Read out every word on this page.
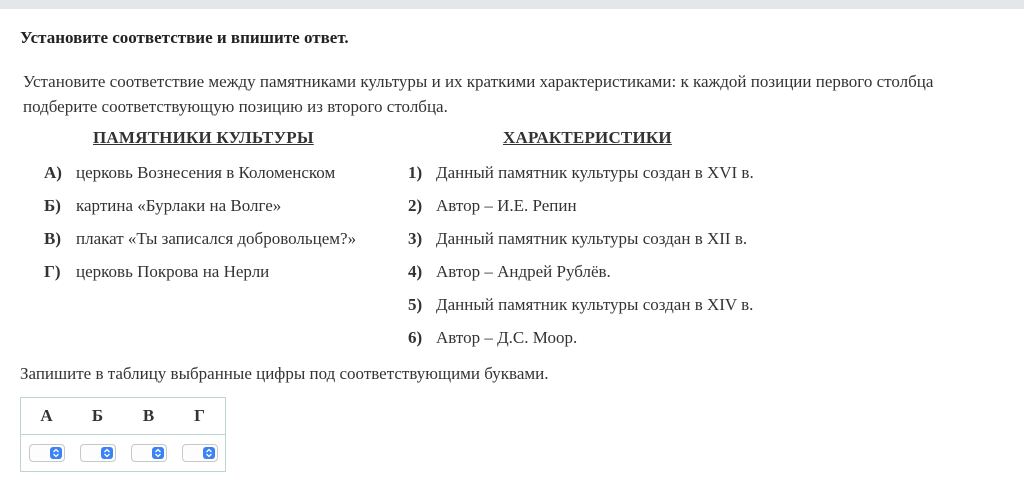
Установите соответствие и впишите ответ.
Установите соответствие между памятниками культуры и их краткими характеристиками: к каждой позиции первого столбца подберите соответствующую позицию из второго столбца.
ПАМЯТНИКИ КУЛЬТУРЫ	ХАРАКТЕРИСТИКИ
А) церковь Вознесения в Коломенском
Б) картина «Бурлаки на Волге»
В) плакат «Ты записался добровольцем?»
Г) церковь Покрова на Нерли
1) Данный памятник культуры создан в XVI в.
2) Автор – И.Е. Репин
3) Данный памятник культуры создан в XII в.
4) Автор – Андрей Рублёв.
5) Данный памятник культуры создан в XIV в.
6) Автор – Д.С. Моор.
Запишите в таблицу выбранные цифры под соответствующими буквами.
А	Б	В	Г
